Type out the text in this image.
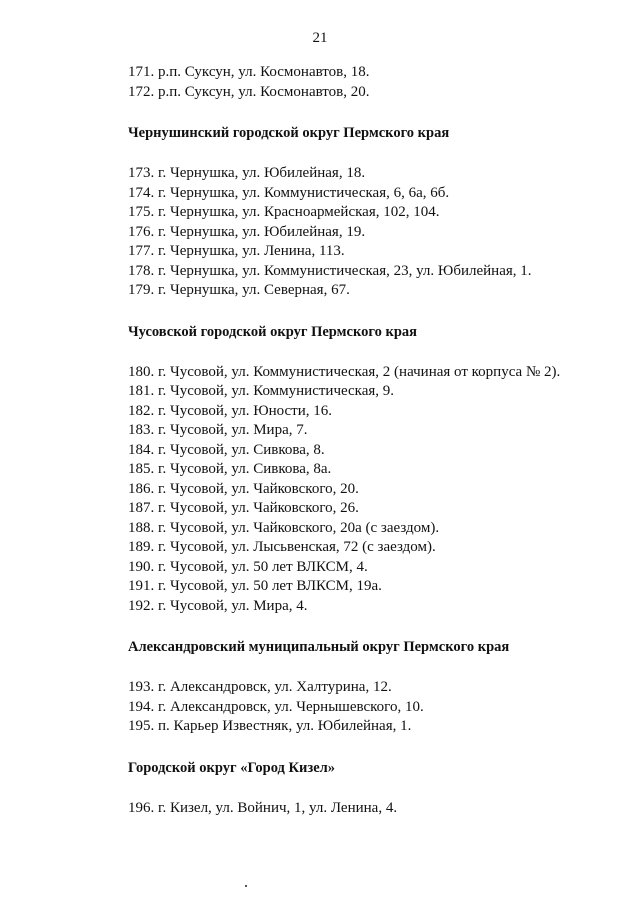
21
171. р.п. Суксун, ул. Космонавтов, 18.
172. р.п. Суксун, ул. Космонавтов, 20.
Чернушинский городской округ Пермского края
173. г. Чернушка, ул. Юбилейная, 18.
174. г. Чернушка, ул. Коммунистическая, 6, 6а, 6б.
175. г. Чернушка, ул. Красноармейская, 102, 104.
176. г. Чернушка, ул. Юбилейная, 19.
177. г. Чернушка, ул. Ленина, 113.
178. г. Чернушка, ул. Коммунистическая, 23, ул. Юбилейная, 1.
179. г. Чернушка, ул. Северная, 67.
Чусовской городской округ Пермского края
180. г. Чусовой, ул. Коммунистическая, 2 (начиная от корпуса № 2).
181. г. Чусовой, ул. Коммунистическая, 9.
182. г. Чусовой, ул. Юности, 16.
183. г. Чусовой, ул. Мира, 7.
184. г. Чусовой, ул. Сивкова, 8.
185. г. Чусовой, ул. Сивкова, 8а.
186. г. Чусовой, ул. Чайковского, 20.
187. г. Чусовой, ул. Чайковского, 26.
188. г. Чусовой, ул. Чайковского, 20а (с заездом).
189. г. Чусовой, ул. Лысьвенская, 72 (с заездом).
190. г. Чусовой, ул. 50 лет ВЛКСМ, 4.
191. г. Чусовой, ул. 50 лет ВЛКСМ, 19а.
192. г. Чусовой, ул. Мира, 4.
Александровский муниципальный округ Пермского края
193. г. Александровск, ул. Халтурина, 12.
194. г. Александровск, ул. Чернышевского, 10.
195. п. Карьер Известняк, ул. Юбилейная, 1.
Городской округ «Город Кизел»
196. г. Кизел, ул. Войнич, 1, ул. Ленина, 4.
